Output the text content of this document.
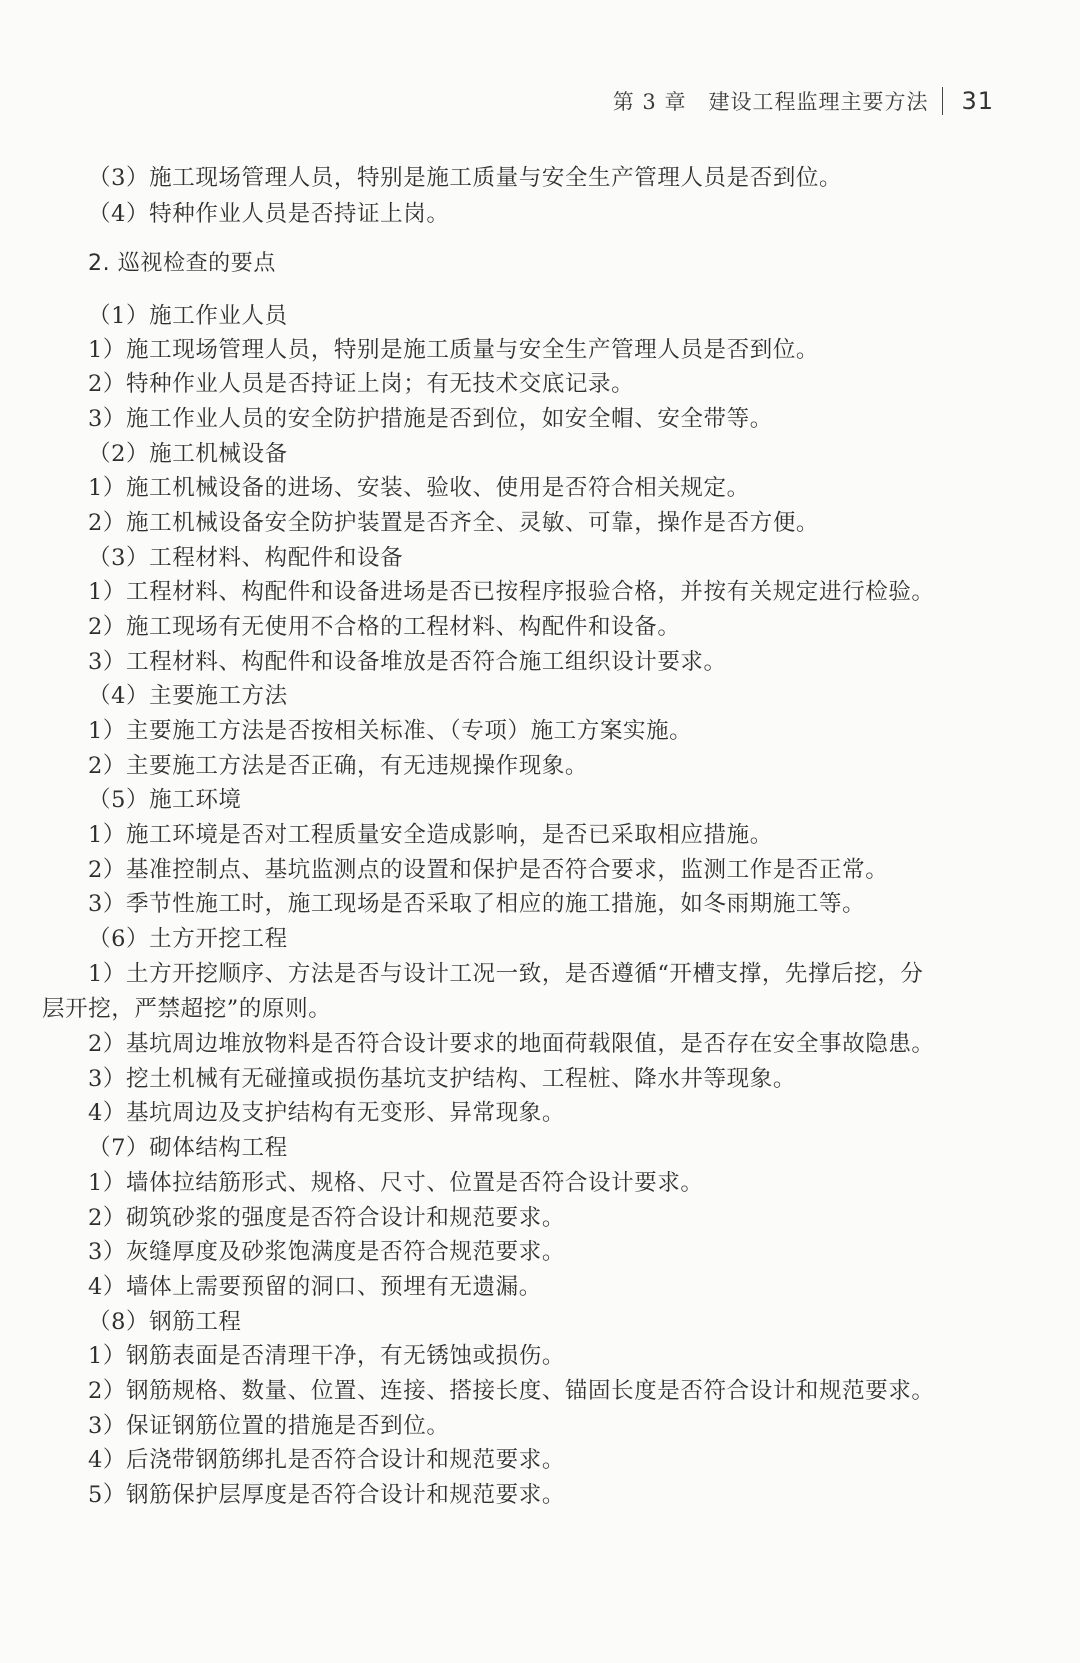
第 3 章 建设工程监理主要方法 31
（3）施工现场管理人员，特别是施工质量与安全生产管理人员是否到位。
（4）特种作业人员是否持证上岗。
2. 巡视检查的要点
（1）施工作业人员
1）施工现场管理人员，特别是施工质量与安全生产管理人员是否到位。
2）特种作业人员是否持证上岗；有无技术交底记录。
3）施工作业人员的安全防护措施是否到位，如安全帽、安全带等。
（2）施工机械设备
1）施工机械设备的进场、安装、验收、使用是否符合相关规定。
2）施工机械设备安全防护装置是否齐全、灵敏、可靠，操作是否方便。
（3）工程材料、构配件和设备
1）工程材料、构配件和设备进场是否已按程序报验合格，并按有关规定进行检验。
2）施工现场有无使用不合格的工程材料、构配件和设备。
3）工程材料、构配件和设备堆放是否符合施工组织设计要求。
（4）主要施工方法
1）主要施工方法是否按相关标准、（专项）施工方案实施。
2）主要施工方法是否正确，有无违规操作现象。
（5）施工环境
1）施工环境是否对工程质量安全造成影响，是否已采取相应措施。
2）基准控制点、基坑监测点的设置和保护是否符合要求，监测工作是否正常。
3）季节性施工时，施工现场是否采取了相应的施工措施，如冬雨期施工等。
（6）土方开挖工程
1）土方开挖顺序、方法是否与设计工况一致，是否遵循“开槽支撑，先撑后挖，分
层开挖，严禁超挖”的原则。
2）基坑周边堆放物料是否符合设计要求的地面荷载限值，是否存在安全事故隐患。
3）挖土机械有无碰撞或损伤基坑支护结构、工程桩、降水井等现象。
4）基坑周边及支护结构有无变形、异常现象。
（7）砌体结构工程
1）墙体拉结筋形式、规格、尺寸、位置是否符合设计要求。
2）砌筑砂浆的强度是否符合设计和规范要求。
3）灰缝厚度及砂浆饱满度是否符合规范要求。
4）墙体上需要预留的洞口、预埋有无遗漏。
（8）钢筋工程
1）钢筋表面是否清理干净，有无锈蚀或损伤。
2）钢筋规格、数量、位置、连接、搭接长度、锚固长度是否符合设计和规范要求。
3）保证钢筋位置的措施是否到位。
4）后浇带钢筋绑扎是否符合设计和规范要求。
5）钢筋保护层厚度是否符合设计和规范要求。
